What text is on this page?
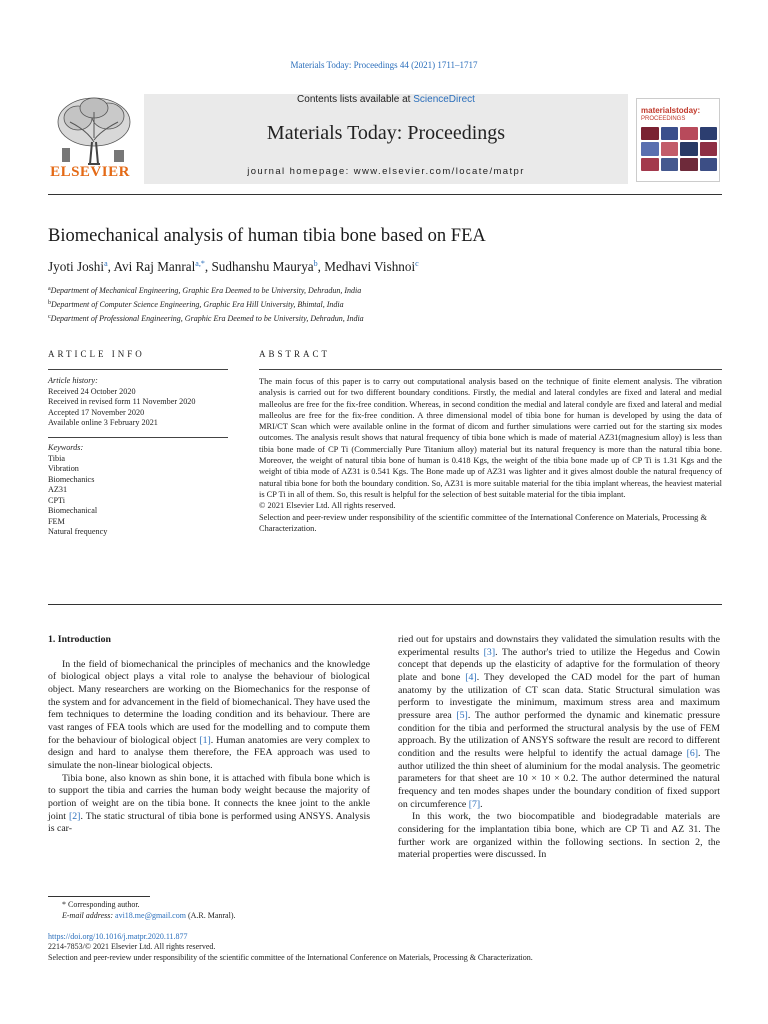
Materials Today: Proceedings 44 (2021) 1711–1717
ELSEVIER
Contents lists available at ScienceDirect
Materials Today: Proceedings
journal homepage: www.elsevier.com/locate/matpr
materialstoday:
PROCEEDINGS
Biomechanical analysis of human tibia bone based on FEA
Jyoti Joshi$^a$, Avi Raj Manral$^{a,*}$, Sudhanshu Maurya$^b$, Medhavi Vishnoi$^c$
$^a$Department of Mechanical Engineering, Graphic Era Deemed to be University, Dehradun, India
$^b$Department of Computer Science Engineering, Graphic Era Hill University, Bhimtal, India
$^c$Department of Professional Engineering, Graphic Era Deemed to be University, Dehradun, India
ARTICLE INFO	ABSTRACT
Article history:
Received 24 October 2020
Received in revised form 11 November 2020
Accepted 17 November 2020
Available online 3 February 2021
Keywords:
Tibia
Vibration
Biomechanics
AZ31
CPTi
Biomechanical
FEM
Natural frequency
The main focus of this paper is to carry out computational analysis based on the technique of finite element analysis. The vibration analysis is carried out for two different boundary conditions. Firstly, the medial and lateral condyles are fixed and lateral and medial malleolus are free for the fix-free condition. Whereas, in second condition the medial and lateral condyle are fixed and lateral and medial malleolus are free for the fix-free condition. A three dimensional model of tibia bone for human is developed by using the data of MRI/CT Scan which were available online in the format of dicom and further simulations were carried out for the starting six modes outcomes. The analysis result shows that natural frequency of tibia bone which is made of material AZ31(magnesium alloy) is less than tibia bone made of CP Ti (Commercially Pure Titanium alloy) material but its natural frequency is more than the natural tibia bone. Moreover, the weight of natural tibia bone of human is 0.418 Kgs, the weight of the tibia bone made up of CP Ti is 1.31 Kgs and the weight of tibia mode of AZ31 is 0.541 Kgs. The Bone made up of AZ31 was lighter and it gives almost double the natural frequency of natural tibia bone for both the boundary condition. So, AZ31 is more suitable material for the tibia implant whereas, the heaviest material is CP Ti in all of them. So, this result is helpful for the selection of best suitable material for the tibia implant.
© 2021 Elsevier Ltd. All rights reserved.
Selection and peer-review under responsibility of the scientific committee of the International Conference on Materials, Processing & Characterization.
1. Introduction

In the field of biomechanical the principles of mechanics and the knowledge of biological object plays a vital role to analyse the behaviour of biological object. Many researchers are working on the Biomechanics for the response of the system and for advancement in the field of biomechanical. They have used the fem techniques to determine the loading condition and its behaviour. There are vast ranges of FEA tools which are used for the modelling and to compute them for the behaviour of biological object [1]. Human anatomies are very complex to design and hard to analyse them therefore, the FEA approach was used to simulate the non-linear biological objects.

Tibia bone, also known as shin bone, it is attached with fibula bone which is to support the tibia and carries the human body weight because the majority of portion of weight are on the tibia bone. It connects the knee joint to the ankle joint [2]. The static structural of tibia bone is performed using ANSYS. Analysis is car-

ried out for upstairs and downstairs they validated the simulation results with the experimental results [3]. The author's tried to utilize the Hegedus and Cowin concept that depends up the elasticity of adaptive for the formulation of theory plate and bone [4]. They developed the CAD model for the part of human anatomy by the utilization of CT scan data. Static Structural simulation was perform to investigate the minimum, maximum stress area and maximum pressure area [5]. The author performed the dynamic and kinematic pressure condition for the tibia and performed the structural analysis by the use of FEM approach. By the utilization of ANSYS software the result are record to different condition and the results were helpful to identify the actual damage [6]. The author utilized the thin sheet of aluminium for the modal analysis. The geometric parameters for that sheet are 10 × 10 × 0.2. The author determined the natural frequency and ten modes shapes under the boundary condition of fixed support on circumference [7].

In this work, the two biocompatible and biodegradable materials are considering for the implantation tibia bone, which are CP Ti and AZ 31. The further work are organized within the following sections. In section 2, the material properties were discussed. In

* Corresponding author.
E-mail address: avi18.me@gmail.com (A.R. Manral).
https://doi.org/10.1016/j.matpr.2020.11.877
2214-7853/© 2021 Elsevier Ltd. All rights reserved.
Selection and peer-review under responsibility of the scientific committee of the International Conference on Materials, Processing & Characterization.
